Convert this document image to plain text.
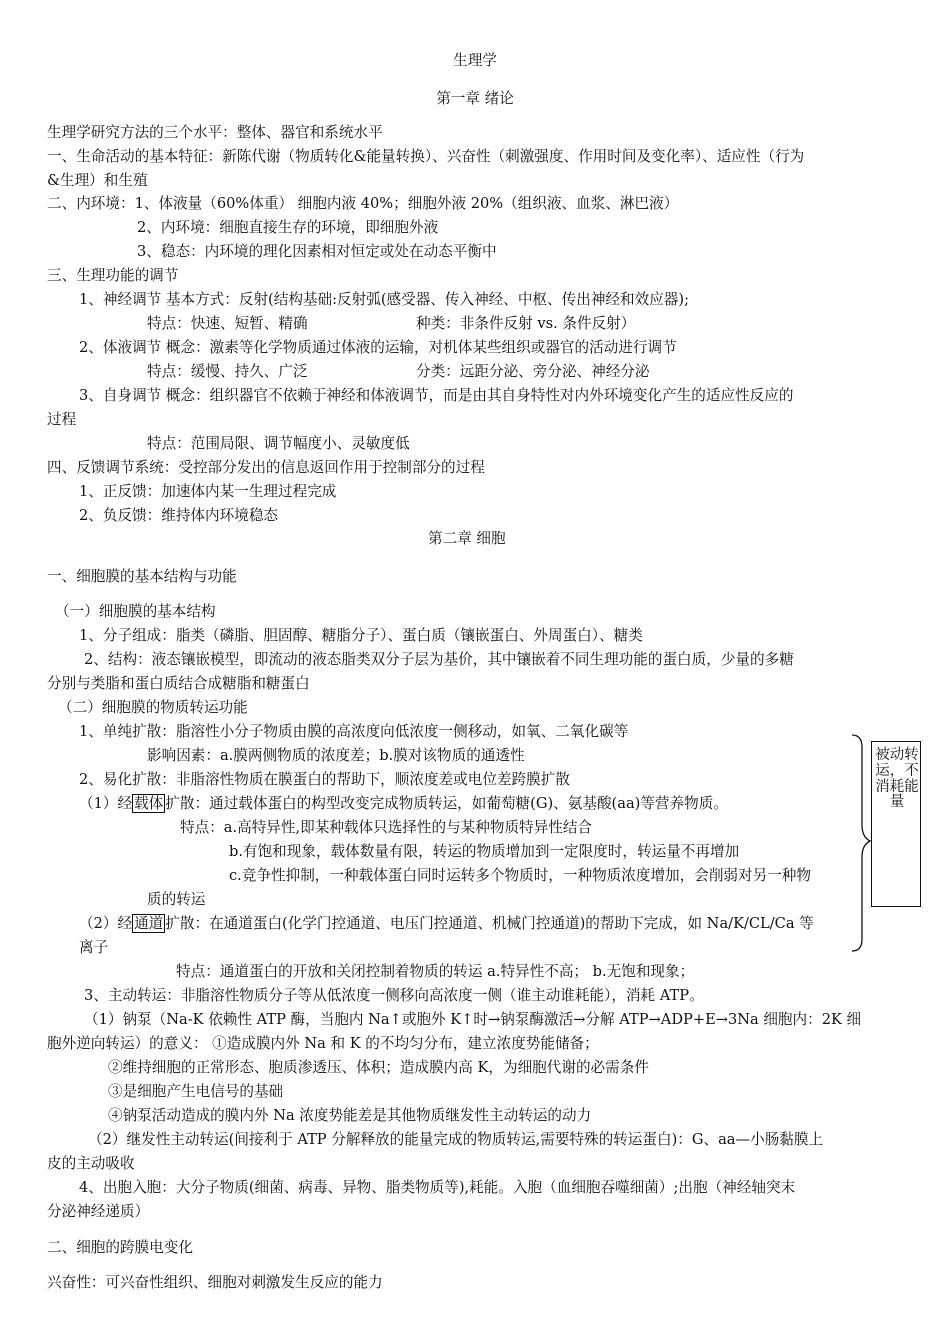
生理学
第一章 绪论
生理学研究方法的三个水平：整体、器官和系统水平
一、生命活动的基本特征：新陈代谢（物质转化&能量转换）、兴奋性（刺激强度、作用时间及变化率）、适应性（行为
&生理）和生殖
二、内环境：1、体液量（60%体重） 细胞内液 40%；细胞外液 20%（组织液、血浆、淋巴液）
2、内环境：细胞直接生存的环境，即细胞外液
3、稳态：内环境的理化因素相对恒定或处在动态平衡中
三、生理功能的调节
1、神经调节 基本方式：反射(结构基础:反射弧(感受器、传入神经、中枢、传出神经和效应器);
特点：快速、短暂、精确	种类：非条件反射 vs. 条件反射）
2、体液调节 概念：激素等化学物质通过体液的运输，对机体某些组织或器官的活动进行调节
特点：缓慢、持久、广泛	分类：远距分泌、旁分泌、神经分泌
3、自身调节 概念：组织器官不依赖于神经和体液调节，而是由其自身特性对内外环境变化产生的适应性反应的
过程
特点：范围局限、调节幅度小、灵敏度低
四、反馈调节系统：受控部分发出的信息返回作用于控制部分的过程
1、正反馈：加速体内某一生理过程完成
2、负反馈：维持体内环境稳态
第二章 细胞
一、细胞膜的基本结构与功能
（一）细胞膜的基本结构
1、分子组成：脂类（磷脂、胆固醇、糖脂分子）、蛋白质（镶嵌蛋白、外周蛋白）、糖类
2、结构：液态镶嵌模型，即流动的液态脂类双分子层为基价，其中镶嵌着不同生理功能的蛋白质，少量的多糖
分别与类脂和蛋白质结合成糖脂和糖蛋白
（二）细胞膜的物质转运功能
1、单纯扩散：脂溶性小分子物质由膜的高浓度向低浓度一侧移动，如氧、二氧化碳等
影响因素：a.膜两侧物质的浓度差；b.膜对该物质的通透性
2、易化扩散：非脂溶性物质在膜蛋白的帮助下，顺浓度差或电位差跨膜扩散
（1）经 载体 扩散：通过载体蛋白的构型改变完成物质转运，如葡萄糖(G)、氨基酸(aa)等营养物质。
特点：a.高特异性,即某种载体只选择性的与某种物质特异性结合
b.有饱和现象，载体数量有限，转运的物质增加到一定限度时，转运量不再增加
c.竞争性抑制，一种载体蛋白同时运转多个物质时，一种物质浓度增加，会削弱对另一种物
质的转运
（2）经 通道 扩散：在通道蛋白(化学门控通道、电压门控通道、机械门控通道)的帮助下完成，如 Na/K/CL/Ca 等
离子
特点：通道蛋白的开放和关闭控制着物质的转运 a.特异性不高； b.无饱和现象；
3、主动转运：非脂溶性物质分子等从低浓度一侧移向高浓度一侧（谁主动谁耗能），消耗 ATP。
（1）钠泵（Na-K 依赖性 ATP 酶，当胞内 Na↑或胞外 K↑时→钠泵酶激活→分解 ATP→ADP+E→3Na 细胞内：2K 细
胞外逆向转运）的意义： ①造成膜内外 Na 和 K 的不均匀分布，建立浓度势能储备；
②维持细胞的正常形态、胞质渗透压、体积；造成膜内高 K，为细胞代谢的必需条件
③是细胞产生电信号的基础
④钠泵活动造成的膜内外 Na 浓度势能差是其他物质继发性主动转运的动力
（2）继发性主动转运(间接利于 ATP 分解释放的能量完成的物质转运,需要特殊的转运蛋白)：G、aa—小肠黏膜上
皮的主动吸收
4、出胞入胞：大分子物质(细菌、病毒、异物、脂类物质等),耗能。入胞（血细胞吞噬细菌）;出胞（神经轴突末
分泌神经递质）
二、细胞的跨膜电变化
兴奋性：可兴奋性组织、细胞对刺激发生反应的能力
被动转运，不消耗能量
